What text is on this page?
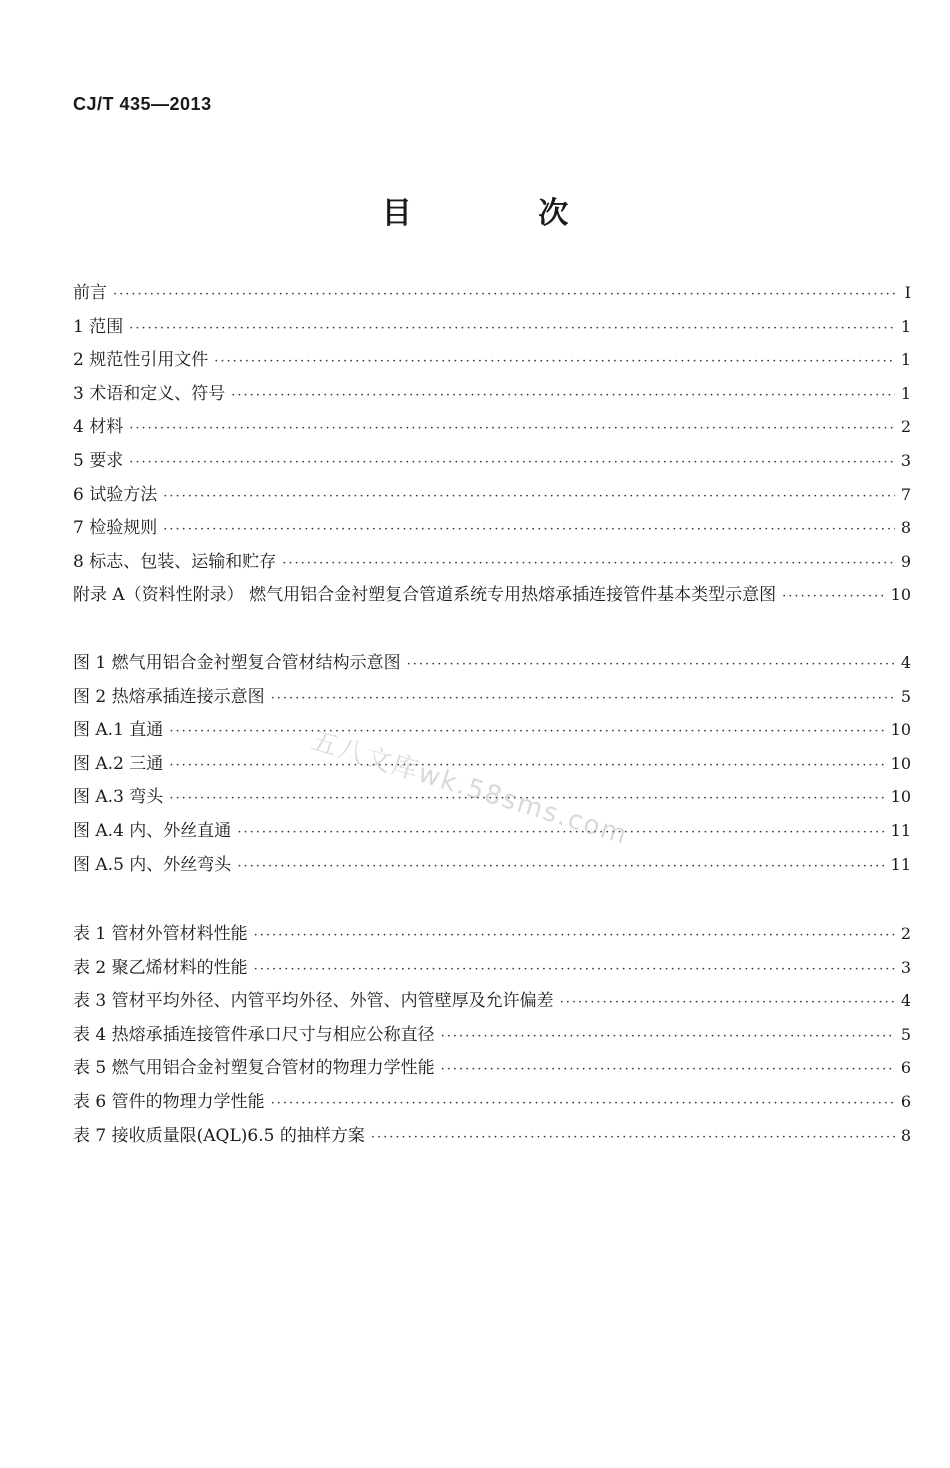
CJ/T 435—2013
目 次
前言 ·····	Ⅰ
1 范围 ·····	1
2 规范性引用文件 ·····	1
3 术语和定义、符号 ·····	1
4 材料 ·····	2
5 要求 ·····	3
6 试验方法 ·····	7
7 检验规则 ·····	8
8 标志、包装、运输和贮存 ·····	9
附录 A（资料性附录） 燃气用铝合金衬塑复合管道系统专用热熔承插连接管件基本类型示意图 ·····	10
图 1 燃气用铝合金衬塑复合管材结构示意图 ·····	4
图 2 热熔承插连接示意图 ·····	5
图 A.1 直通 ·····	10
图 A.2 三通 ·····	10
图 A.3 弯头 ·····	10
图 A.4 内、外丝直通 ·····	11
图 A.5 内、外丝弯头 ·····	11
表 1 管材外管材料性能 ·····	2
表 2 聚乙烯材料的性能 ·····	3
表 3 管材平均外径、内管平均外径、外管、内管壁厚及允许偏差 ·····	4
表 4 热熔承插连接管件承口尺寸与相应公称直径 ·····	5
表 5 燃气用铝合金衬塑复合管材的物理力学性能 ·····	6
表 6 管件的物理力学性能 ·····	6
表 7 接收质量限(AQL)6.5 的抽样方案 ·····	8
五八文库wk.58sms.com
